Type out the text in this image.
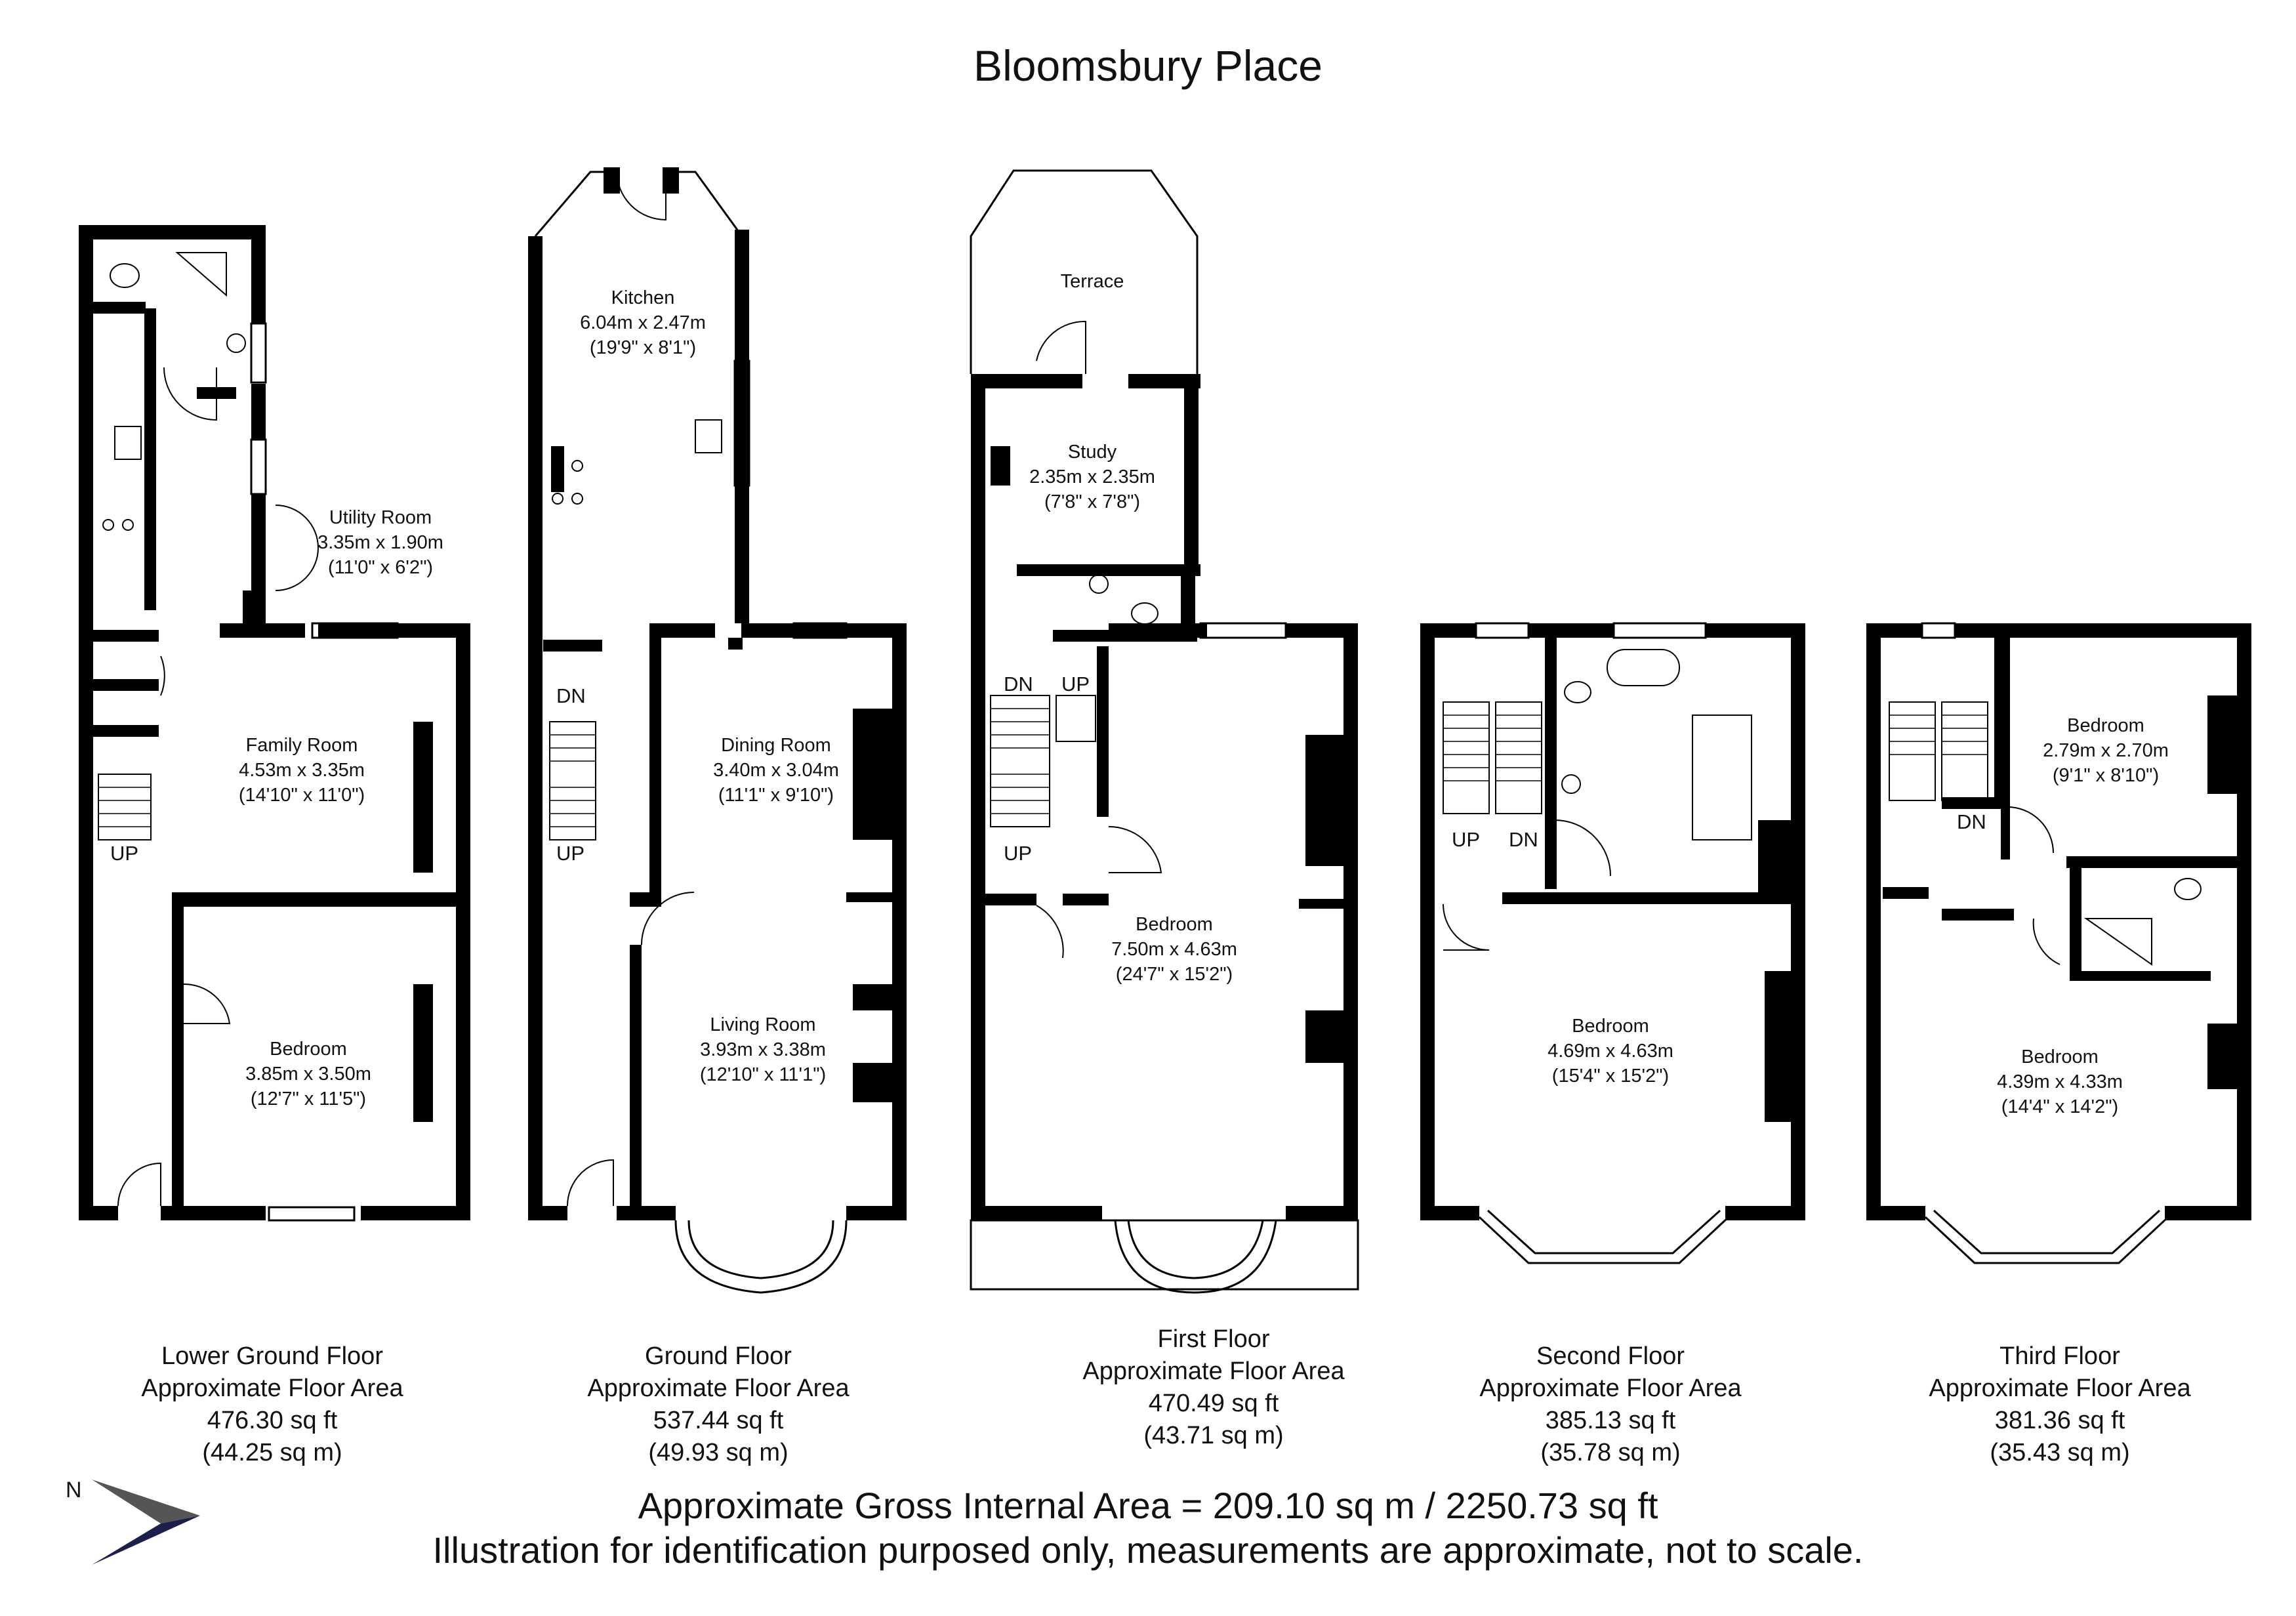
Bloomsbury Place
N
Utility Room
3.35m x 1.90m
(11'0" x 6'2")
Family Room
4.53m x 3.35m
(14'10" x 11'0")
Bedroom
3.85m x 3.50m
(12'7" x 11'5")
Kitchen
6.04m x 2.47m
(19'9" x 8'1")
Dining Room
3.40m x 3.04m
(11'1" x 9'10")
Living Room
3.93m x 3.38m
(12'10" x 11'1")
Terrace
Study
2.35m x 2.35m
(7'8" x 7'8")
Bedroom
7.50m x 4.63m
(24'7" x 15'2")
Bedroom
4.69m x 4.63m
(15'4" x 15'2")
Bedroom
2.79m x 2.70m
(9'1" x 8'10")
Bedroom
4.39m x 4.33m
(14'4" x 14'2")
UP
DN
UP
DN UP
UP
UP DN
DN
Lower Ground Floor
Approximate Floor Area
476.30 sq ft
(44.25 sq m)
Ground Floor
Approximate Floor Area
537.44 sq ft
(49.93 sq m)
First Floor
Approximate Floor Area
470.49 sq ft
(43.71 sq m)
Second Floor
Approximate Floor Area
385.13 sq ft
(35.78 sq m)
Third Floor
Approximate Floor Area
381.36 sq ft
(35.43 sq m)
Approximate Gross Internal Area = 209.10 sq m / 2250.73 sq ft
Illustration for identification purposed only, measurements are approximate, not to scale.
